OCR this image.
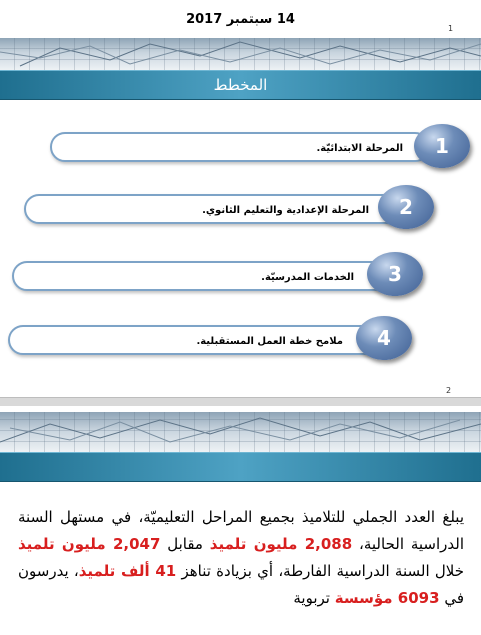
14 سبتمبر 2017
1
المخطط
المرحلة الابتدائيّة.	1
المرحلة الإعدادية والتعليم الثانوي.	2
الخدمات المدرسيّة.	3
ملامح خطة العمل المستقبلية.	4
2
يبلغ العدد الجملي للتلاميذ بجميع المراحل التعليميّة، في مستهل السنة الدراسية الحالية، 2,088 مليون تلميذ مقابل 2,047 مليون تلميذ خلال السنة الدراسية الفارطة، أي بزيادة تناهز 41 ألف تلميذ، يدرسون في 6093 مؤسسة تربوية
